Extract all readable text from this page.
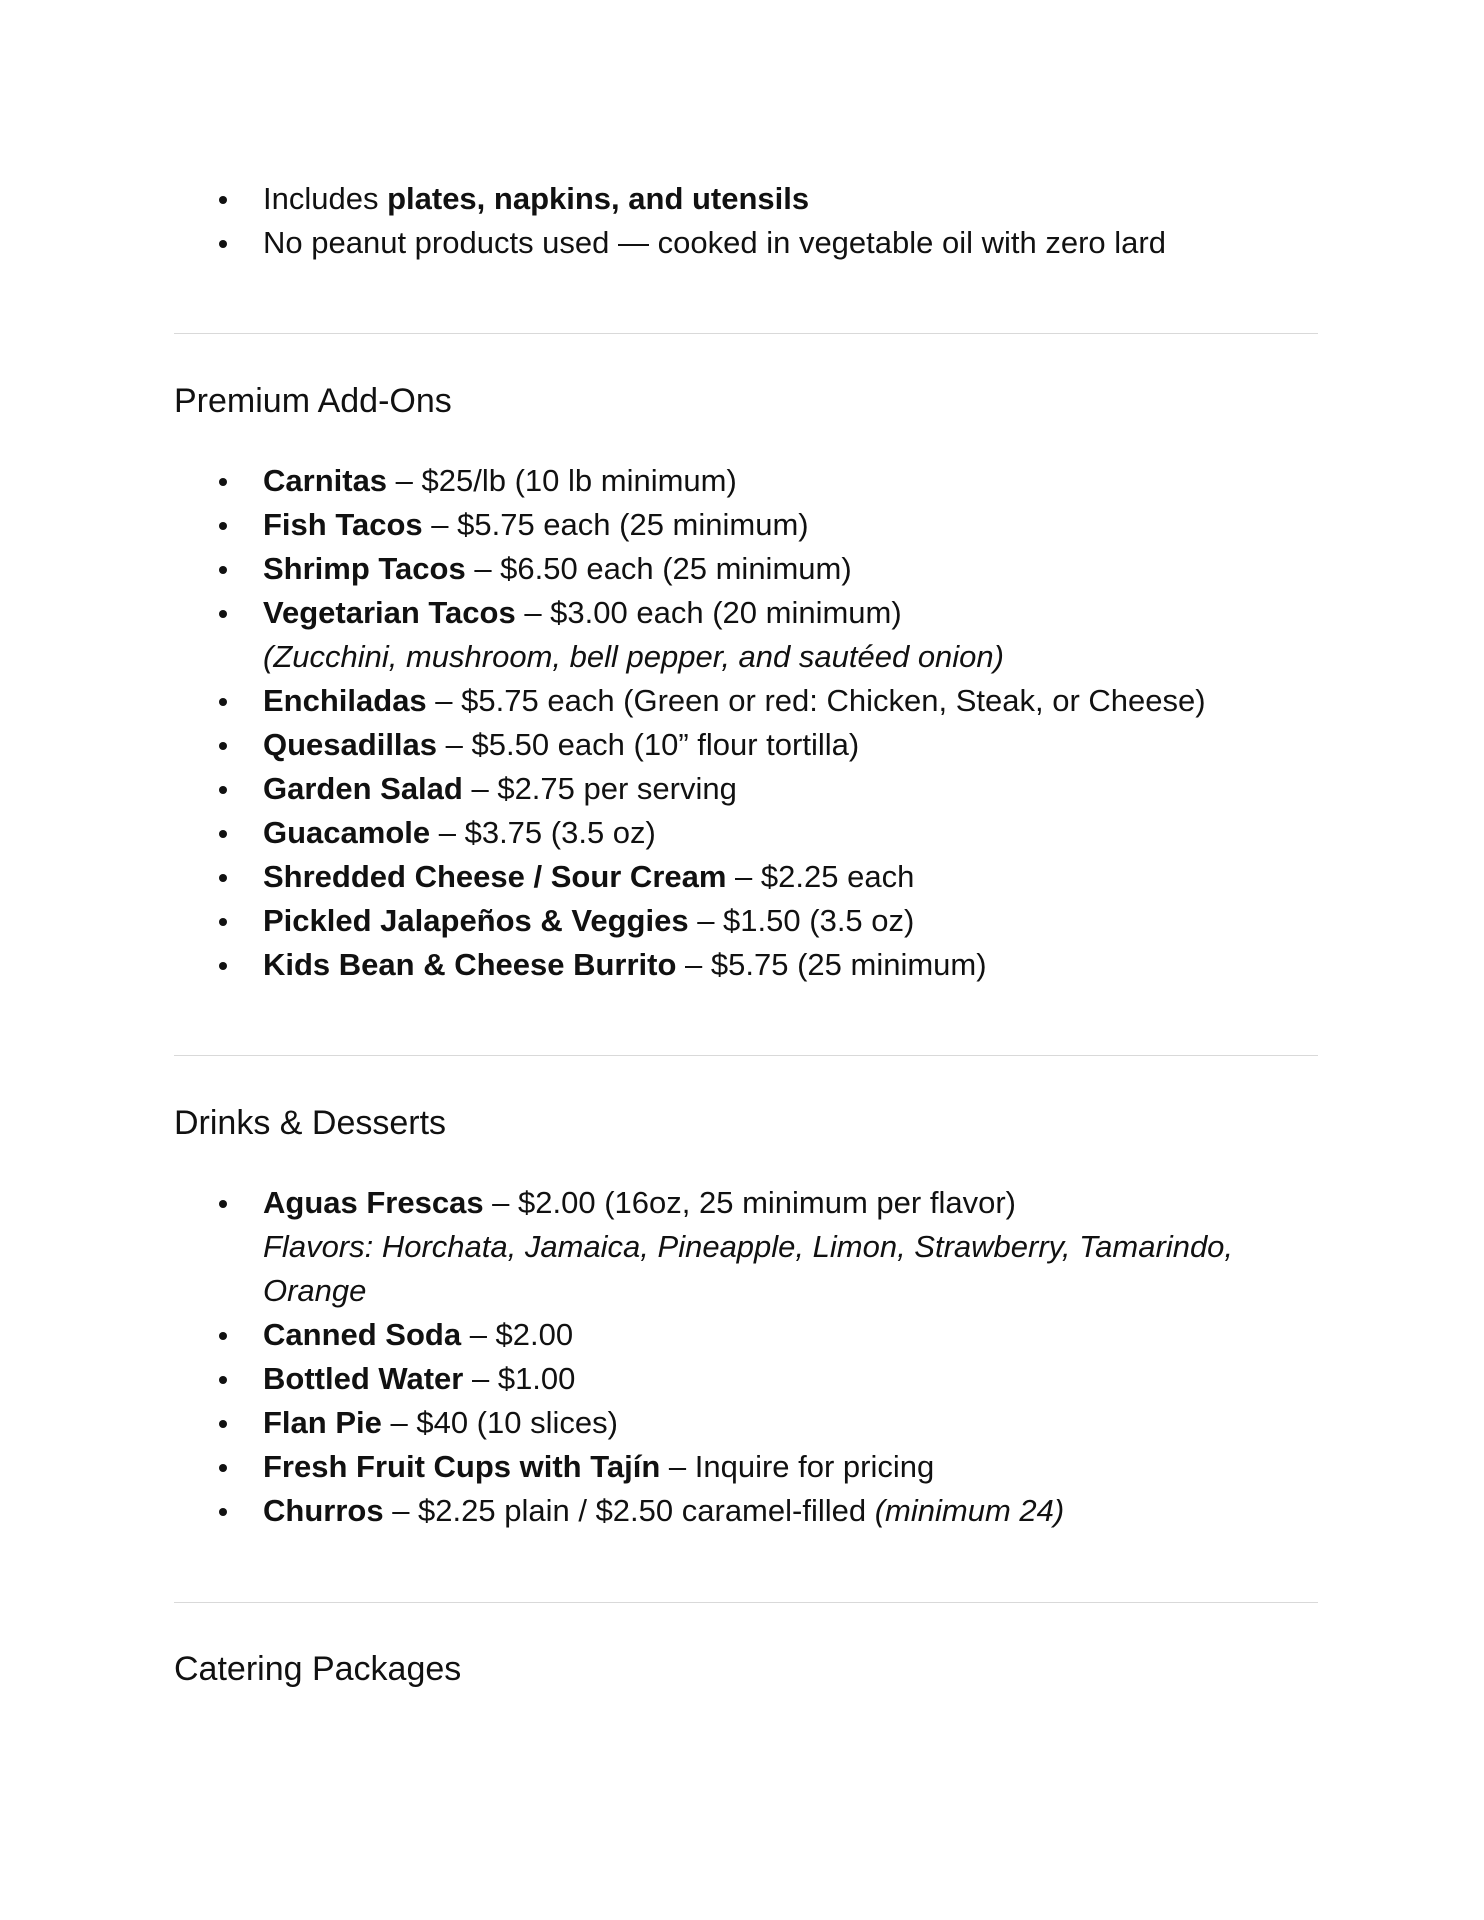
Includes plates, napkins, and utensils
No peanut products used — cooked in vegetable oil with zero lard
Premium Add-Ons
Carnitas – $25/lb (10 lb minimum)
Fish Tacos – $5.75 each (25 minimum)
Shrimp Tacos – $6.50 each (25 minimum)
Vegetarian Tacos – $3.00 each (20 minimum)
(Zucchini, mushroom, bell pepper, and sautéed onion)
Enchiladas – $5.75 each (Green or red: Chicken, Steak, or Cheese)
Quesadillas – $5.50 each (10” flour tortilla)
Garden Salad – $2.75 per serving
Guacamole – $3.75 (3.5 oz)
Shredded Cheese / Sour Cream – $2.25 each
Pickled Jalapeños & Veggies – $1.50 (3.5 oz)
Kids Bean & Cheese Burrito – $5.75 (25 minimum)
Drinks & Desserts
Aguas Frescas – $2.00 (16oz, 25 minimum per flavor)
Flavors: Horchata, Jamaica, Pineapple, Limon, Strawberry, Tamarindo, Orange
Canned Soda – $2.00
Bottled Water – $1.00
Flan Pie – $40 (10 slices)
Fresh Fruit Cups with Tajín – Inquire for pricing
Churros – $2.25 plain / $2.50 caramel-filled (minimum 24)
Catering Packages
